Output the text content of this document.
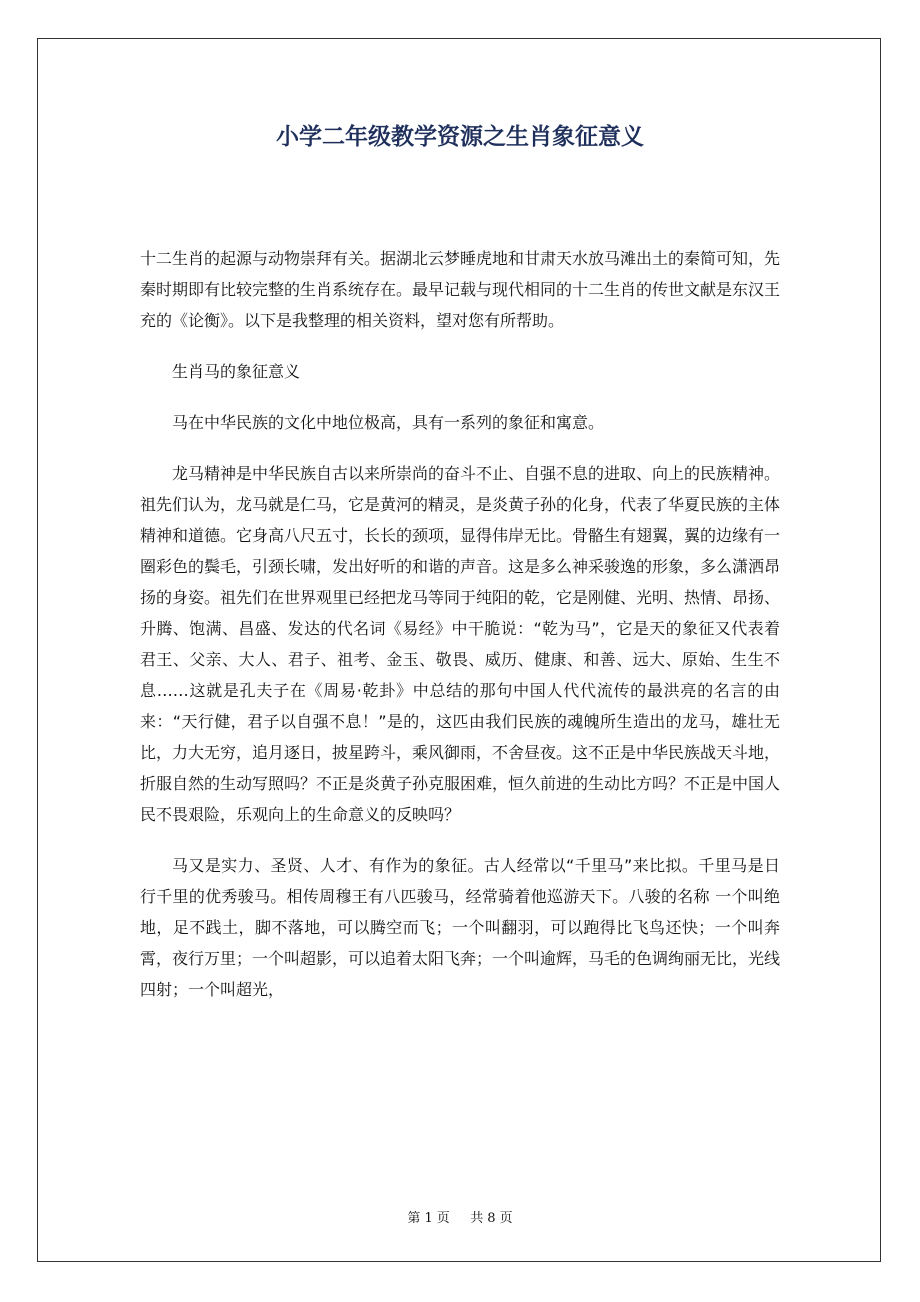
小学二年级教学资源之生肖象征意义

十二生肖的起源与动物崇拜有关。据湖北云梦睡虎地和甘肃天水放马滩出土的秦简可知，先秦时期即有比较完整的生肖系统存在。最早记载与现代相同的十二生肖的传世文献是东汉王充的《论衡》。以下是我整理的相关资料，望对您有所帮助。

生肖马的象征意义

马在中华民族的文化中地位极高，具有一系列的象征和寓意。

龙马精神是中华民族自古以来所崇尚的奋斗不止、自强不息的进取、向上的民族精神。祖先们认为，龙马就是仁马，它是黄河的精灵，是炎黄子孙的化身，代表了华夏民族的主体精神和道德。它身高八尺五寸，长长的颈项，显得伟岸无比。骨骼生有翅翼，翼的边缘有一圈彩色的鬓毛，引颈长啸，发出好听的和谐的声音。这是多么神采骏逸的形象，多么潇洒昂扬的身姿。祖先们在世界观里已经把龙马等同于纯阳的乾，它是刚健、光明、热情、昂扬、升腾、饱满、昌盛、发达的代名词《易经》中干脆说：“乾为马”，它是天的象征又代表着君王、父亲、大人、君子、祖考、金玉、敬畏、威历、健康、和善、远大、原始、生生不息……这就是孔夫子在《周易·乾卦》中总结的那句中国人代代流传的最洪亮的名言的由来：“天行健，君子以自强不息！”是的，这匹由我们民族的魂魄所生造出的龙马，雄壮无比，力大无穷，追月逐日，披星跨斗，乘风御雨，不舍昼夜。这不正是中华民族战天斗地，折服自然的生动写照吗？不正是炎黄子孙克服困难，恒久前进的生动比方吗？不正是中国人民不畏艰险，乐观向上的生命意义的反映吗？

马又是实力、圣贤、人才、有作为的象征。古人经常以“千里马”来比拟。千里马是日行千里的优秀骏马。相传周穆王有八匹骏马，经常骑着他巡游天下。八骏的名称 一个叫绝地，足不践土，脚不落地，可以腾空而飞；一个叫翻羽，可以跑得比飞鸟还快；一个叫奔霄，夜行万里；一个叫超影，可以追着太阳飞奔；一个叫逾辉，马毛的色调绚丽无比，光线四射；一个叫超光，

第 1 页 共 8 页
